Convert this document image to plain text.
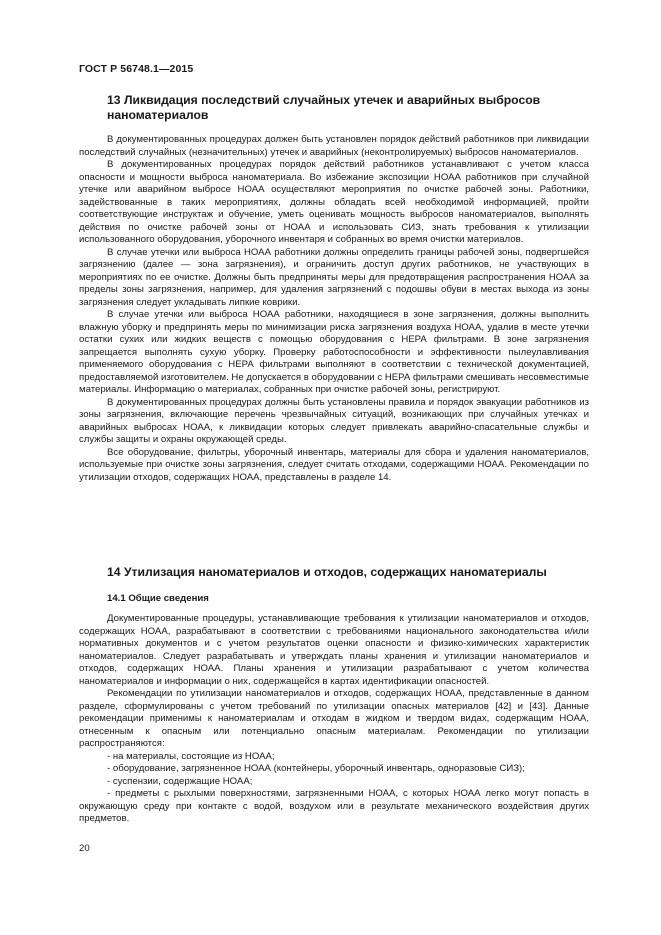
ГОСТ Р 56748.1—2015
13 Ликвидация последствий случайных утечек и аварийных выбросов наноматериалов

В документированных процедурах должен быть установлен порядок действий работников при ликвидации последствий случайных (незначительных) утечек и аварийных (неконтролируемых) выбросов наноматериалов.

В документированных процедурах порядок действий работников устанавливают с учетом класса опасности и мощности выброса наноматериала. Во избежание экспозиции НОАА работников при случайной утечке или аварийном выбросе НОАА осуществляют мероприятия по очистке рабочей зоны. Работники, задействованные в таких мероприятиях, должны обладать всей необходимой информацией, пройти соответствующие инструктаж и обучение, уметь оценивать мощность выбросов наноматериалов, выполнять действия по очистке рабочей зоны от НОАА и использовать СИЗ, знать требования к утилизации использованного оборудования, уборочного инвентаря и собранных во время очистки материалов.

В случае утечки или выброса НОАА работники должны определить границы рабочей зоны, подвергшейся загрязнению (далее — зона загрязнения), и ограничить доступ других работников, не участвующих в мероприятиях по ее очистке. Должны быть предприняты меры для предотвращения распространения НОАА за пределы зоны загрязнения, например, для удаления загрязнений с подошвы обуви в местах выхода из зоны загрязнения следует укладывать липкие коврики.

В случае утечки или выброса НОАА работники, находящиеся в зоне загрязнения, должны выполнить влажную уборку и предпринять меры по минимизации риска загрязнения воздуха НОАА, удалив в месте утечки остатки сухих или жидких веществ с помощью оборудования с НЕРА фильтрами. В зоне загрязнения запрещается выполнять сухую уборку. Проверку работоспособности и эффективности пылеулавливания применяемого оборудования с НЕРА фильтрами выполняют в соответствии с технической документацией, предоставляемой изготовителем. Не допускается в оборудовании с НЕРА фильтрами смешивать несовместимые материалы. Информацию о материалах, собранных при очистке рабочей зоны, регистрируют.

В документированных процедурах должны быть установлены правила и порядок эвакуации работников из зоны загрязнения, включающие перечень чрезвычайных ситуаций, возникающих при случайных утечках и аварийных выбросах НОАА, к ликвидации которых следует привлекать аварийно-спасательные службы и службы защиты и охраны окружающей среды.

Все оборудование, фильтры, уборочный инвентарь, материалы для сбора и удаления наноматериалов, используемые при очистке зоны загрязнения, следует считать отходами, содержащими НОАА. Рекомендации по утилизации отходов, содержащих НОАА, представлены в разделе 14.

14 Утилизация наноматериалов и отходов, содержащих наноматериалы
14.1 Общие сведения

Документированные процедуры, устанавливающие требования к утилизации наноматериалов и отходов, содержащих НОАА, разрабатывают в соответствии с требованиями национального законодательства и/или нормативных документов и с учетом результатов оценки опасности и физико-химических характеристик наноматериалов. Следует разрабатывать и утверждать планы хранения и утилизации наноматериалов и отходов, содержащих НОАА. Планы хранения и утилизации разрабатывают с учетом количества наноматериалов и информации о них, содержащейся в картах идентификации опасностей.

Рекомендации по утилизации наноматериалов и отходов, содержащих НОАА, представленные в данном разделе, сформулированы с учетом требований по утилизации опасных материалов [42] и [43]. Данные рекомендации применимы к наноматериалам и отходам в жидком и твердом видах, содержащим НОАА, отнесенным к опасным или потенциально опасным материалам. Рекомендации по утилизации распространяются:

- на материалы, состоящие из НОАА;
- оборудование, загрязненное НОАА (контейнеры, уборочный инвентарь, одноразовые СИЗ);
- суспензии, содержащие НОАА;
- предметы с рыхлыми поверхностями, загрязненными НОАА, с которых НОАА легко могут попасть в окружающую среду при контакте с водой, воздухом или в результате механического воздействия других предметов.
20
